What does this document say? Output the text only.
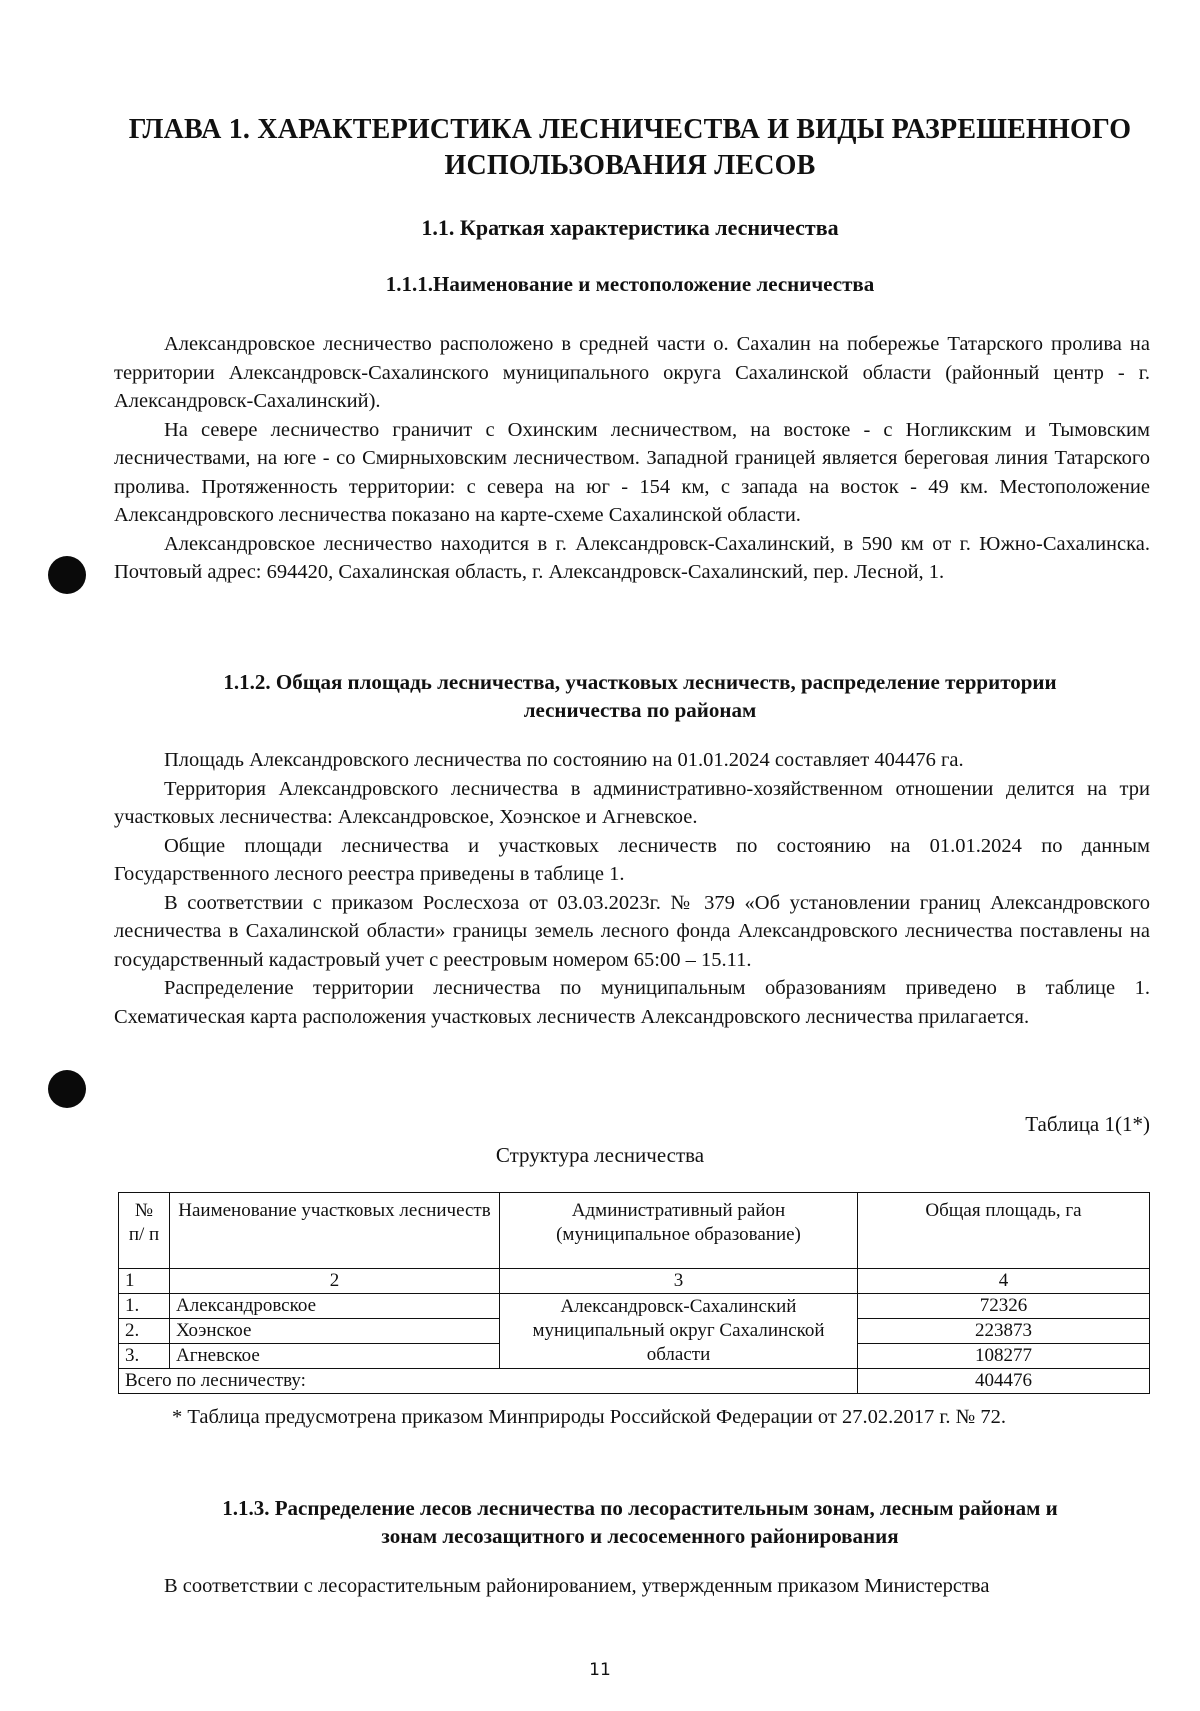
ГЛАВА 1. ХАРАКТЕРИСТИКА ЛЕСНИЧЕСТВА И ВИДЫ РАЗРЕШЕННОГО
ИСПОЛЬЗОВАНИЯ ЛЕСОВ
1.1. Краткая характеристика лесничества
1.1.1.Наименование и местоположение лесничества

Александровское лесничество расположено в средней части о. Сахалин на побережье Татарского пролива на территории Александровск-Сахалинского муниципального округа Сахалинской области (районный центр - г. Александровск-Сахалинский).

На севере лесничество граничит с Охинским лесничеством, на востоке - с Ногликским и Тымовским лесничествами, на юге - со Смирныховским лесничеством. Западной границей является береговая линия Татарского пролива. Протяженность территории: с севера на юг - 154 км, с запада на восток - 49 км. Местоположение Александровского лесничества показано на карте-схеме Сахалинской области.

Александровское лесничество находится в г. Александровск-Сахалинский, в 590 км от г. Южно-Сахалинска. Почтовый адрес: 694420, Сахалинская область, г. Александровск-Сахалинский, пер. Лесной, 1.

1.1.2. Общая площадь лесничества, участковых лесничеств, распределение территории
лесничества по районам

Площадь Александровского лесничества по состоянию на 01.01.2024 составляет 404476 га.

Территория Александровского лесничества в административно-хозяйственном отношении делится на три участковых лесничества: Александровское, Хоэнское и Агневское.

Общие площади лесничества и участковых лесничеств по состоянию на 01.01.2024 по данным Государственного лесного реестра приведены в таблице 1.

В соответствии с приказом Рослесхоза от 03.03.2023г. № 379 «Об установлении границ Александровского лесничества в Сахалинской области» границы земель лесного фонда Александровского лесничества поставлены на государственный кадастровый учет с реестровым номером 65:00 – 15.11.

Распределение территории лесничества по муниципальным образованиям приведено в таблице 1. Схематическая карта расположения участковых лесничеств Александровского лесничества прилагается.

Таблица 1(1*)
Структура лесничества
№ п/ п	Наименование участковых лесничеств	Административный район (муниципальное образование)	Общая площадь, га
1	2	3	4
1.	Александровское	Александровск-Сахалинский муниципальный округ Сахалинской области	72326
2.	Хоэнское		223873
3.	Агневское		108277
Всего по лесничеству:			404476

* Таблица предусмотрена приказом Минприроды Российской Федерации от 27.02.2017 г. № 72.

1.1.3. Распределение лесов лесничества по лесорастительным зонам, лесным районам и
зонам лесозащитного и лесосеменного районирования

В соответствии с лесорастительным районированием, утвержденным приказом Министерства

11
